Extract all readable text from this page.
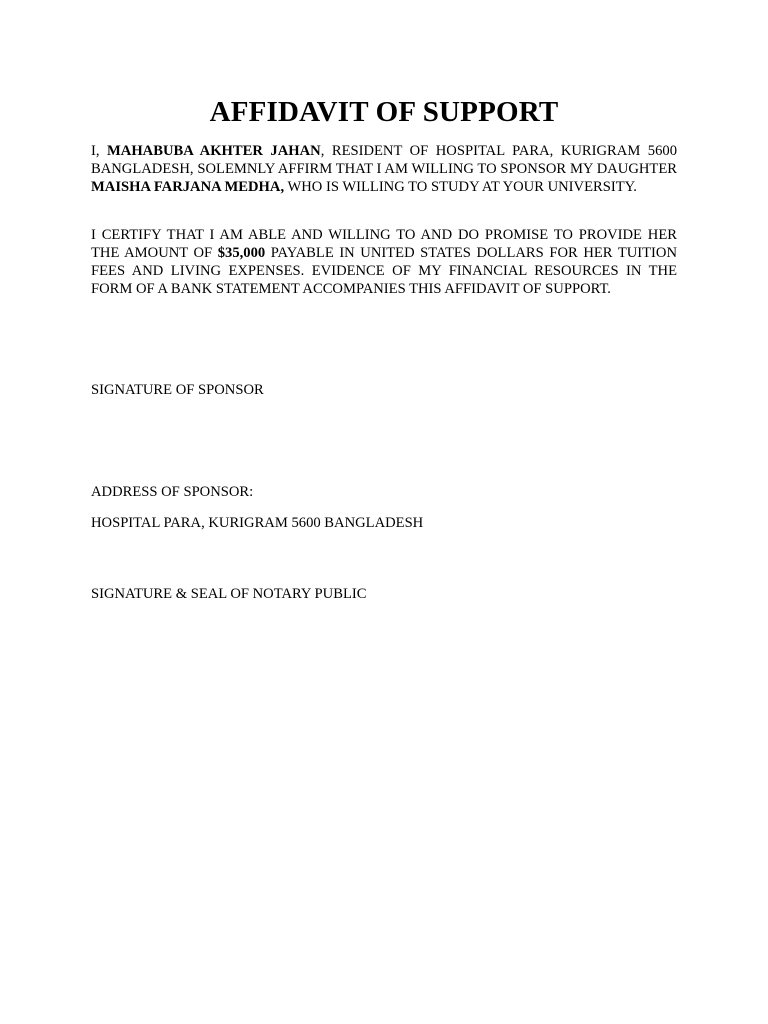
AFFIDAVIT OF SUPPORT

I, MAHABUBA AKHTER JAHAN, RESIDENT OF HOSPITAL PARA, KURIGRAM 5600 BANGLADESH, SOLEMNLY AFFIRM THAT I AM WILLING TO SPONSOR MY DAUGHTER MAISHA FARJANA MEDHA, WHO IS WILLING TO STUDY AT YOUR UNIVERSITY.

I CERTIFY THAT I AM ABLE AND WILLING TO AND DO PROMISE TO PROVIDE HER THE AMOUNT OF $35,000 PAYABLE IN UNITED STATES DOLLARS FOR HER TUITION FEES AND LIVING EXPENSES. EVIDENCE OF MY FINANCIAL RESOURCES IN THE FORM OF A BANK STATEMENT ACCOMPANIES THIS AFFIDAVIT OF SUPPORT.

SIGNATURE OF SPONSOR

ADDRESS OF SPONSOR:

HOSPITAL PARA, KURIGRAM 5600 BANGLADESH

SIGNATURE & SEAL OF NOTARY PUBLIC
